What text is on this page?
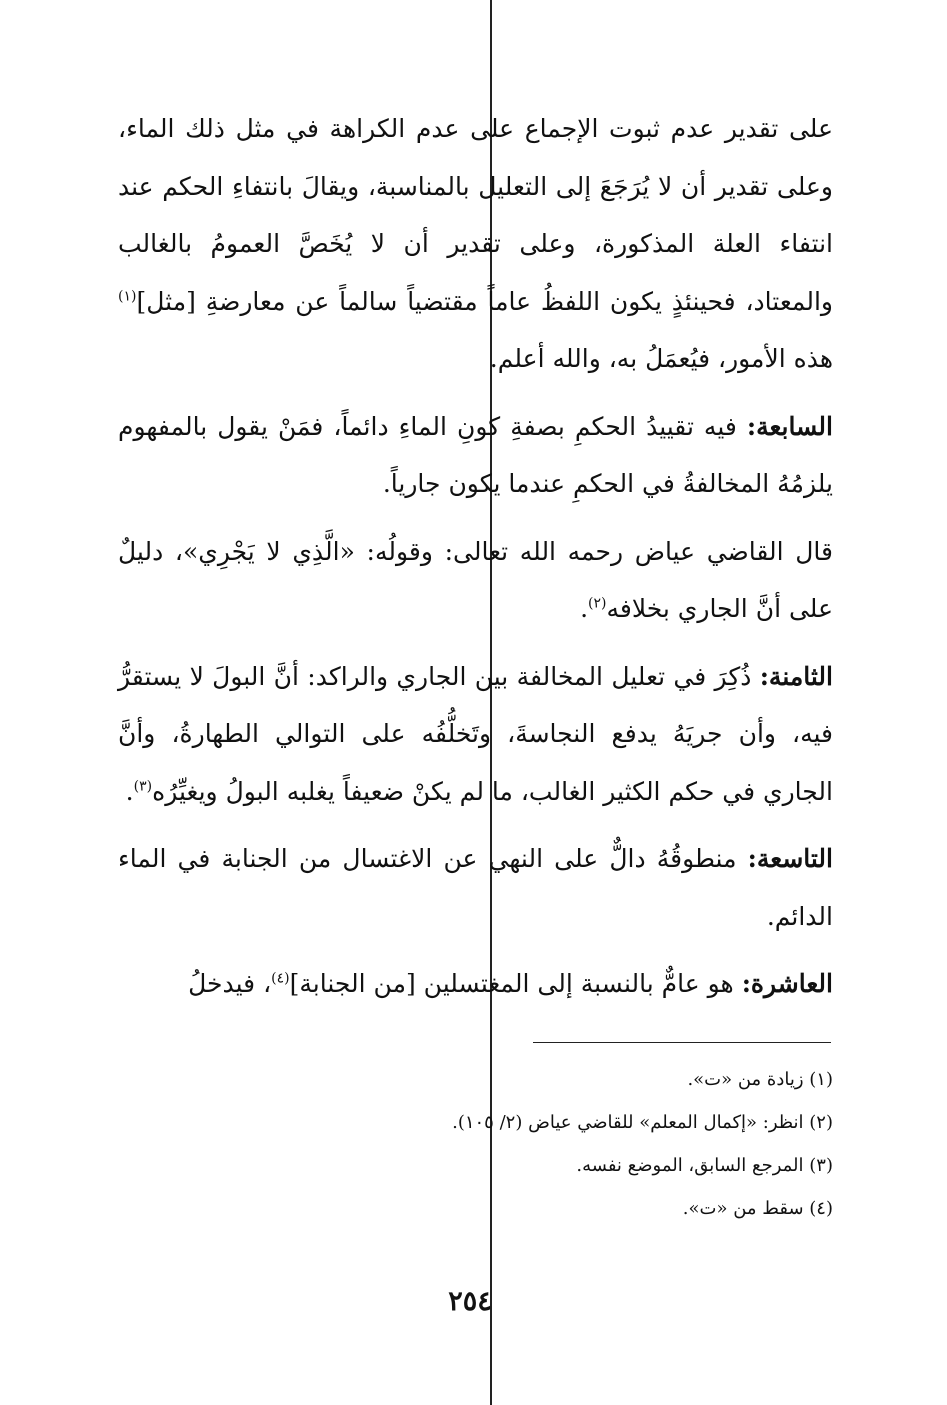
على تقدير عدم ثبوت الإجماع على عدم الكراهة في مثل ذلك الماء، وعلى تقدير أن لا يُرَجَعَ إلى التعليل بالمناسبة، ويقالَ بانتفاءِ الحكم عند انتفاء العلة المذكورة، وعلى تقدير أن لا يُخَصَّ العمومُ بالغالب والمعتاد، فحينئذٍ يكون اللفظُ عاماً مقتضياً سالماً عن معارضةِ [مثل]$^{(١)}$ هذه الأمور، فيُعمَلُ به، والله أعلم.

السابعة: فيه تقييدُ الحكمِ بصفةِ كونِ الماءِ دائماً، فمَنْ يقول بالمفهوم يلزمُهُ المخالفةُ في الحكمِ عندما يكون جارياً.

قال القاضي عياض رحمه الله تعالى: وقولُه: «الَّذِي لا يَجْرِي»، دليلٌ على أنَّ الجاري بخلافه$^{(٢)}$.

الثامنة: ذُكِرَ في تعليل المخالفة بين الجاري والراكد: أنَّ البولَ لا يستقرُّ فيه، وأن جريَهُ يدفع النجاسةَ، وتَخلُّفُه على التوالي الطهارةُ، وأنَّ الجاري في حكم الكثير الغالب، ما لم يكنْ ضعيفاً يغلبه البولُ ويغيِّرُه$^{(٣)}$.

التاسعة: منطوقُهُ دالٌّ على النهي عن الاغتسال من الجنابة في الماء الدائم.

العاشرة: هو عامٌّ بالنسبة إلى المغتسلين [من الجنابة]$^{(٤)}$، فيدخلُ

(١) زيادة من «ت».

(٢) انظر: «إكمال المعلم» للقاضي عياض (٢/ ١٠٥).

(٣) المرجع السابق، الموضع نفسه.

(٤) سقط من «ت».

٢٥٤
